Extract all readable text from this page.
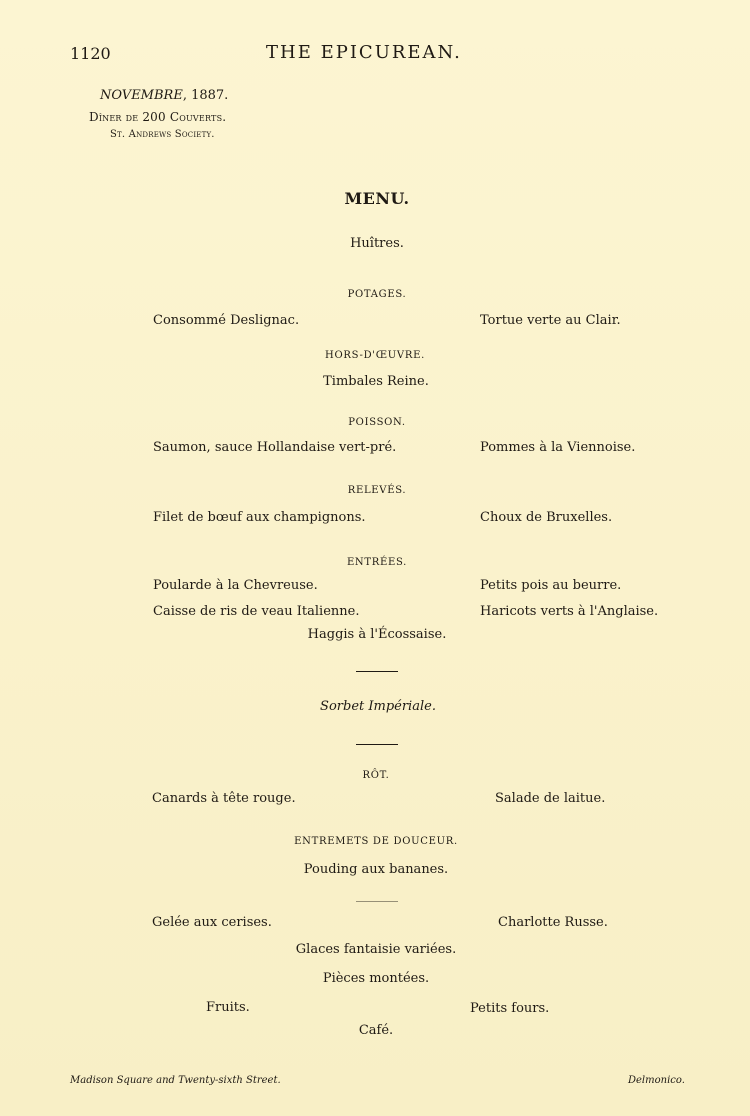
1120	THE EPICUREAN.
NOVEMBRE, 1887.
Dîner de 200 Couverts.
St. Andrews Society.
MENU.
Huîtres.
POTAGES.
Consommé Deslignac.	Tortue verte au Clair.
HORS-D'ŒUVRE.
Timbales Reine.
POISSON.
Saumon, sauce Hollandaise vert-pré.	Pommes à la Viennoise.
RELEVÉS.
Filet de bœuf aux champignons.	Choux de Bruxelles.
ENTRÉES.
Poularde à la Chevreuse.	Petits pois au beurre.
Caisse de ris de veau Italienne.	Haricots verts à l'Anglaise.
Haggis à l'Écossaise.
Sorbet Impériale.
RÔT.
Canards à tête rouge.	Salade de laitue.
ENTREMETS DE DOUCEUR.
Pouding aux bananes.
Gelée aux cerises.	Charlotte Russe.
Glaces fantaisie variées.
Pièces montées.
Fruits.	Petits fours.
Café.
Madison Square and Twenty-sixth Street.	Delmonico.
